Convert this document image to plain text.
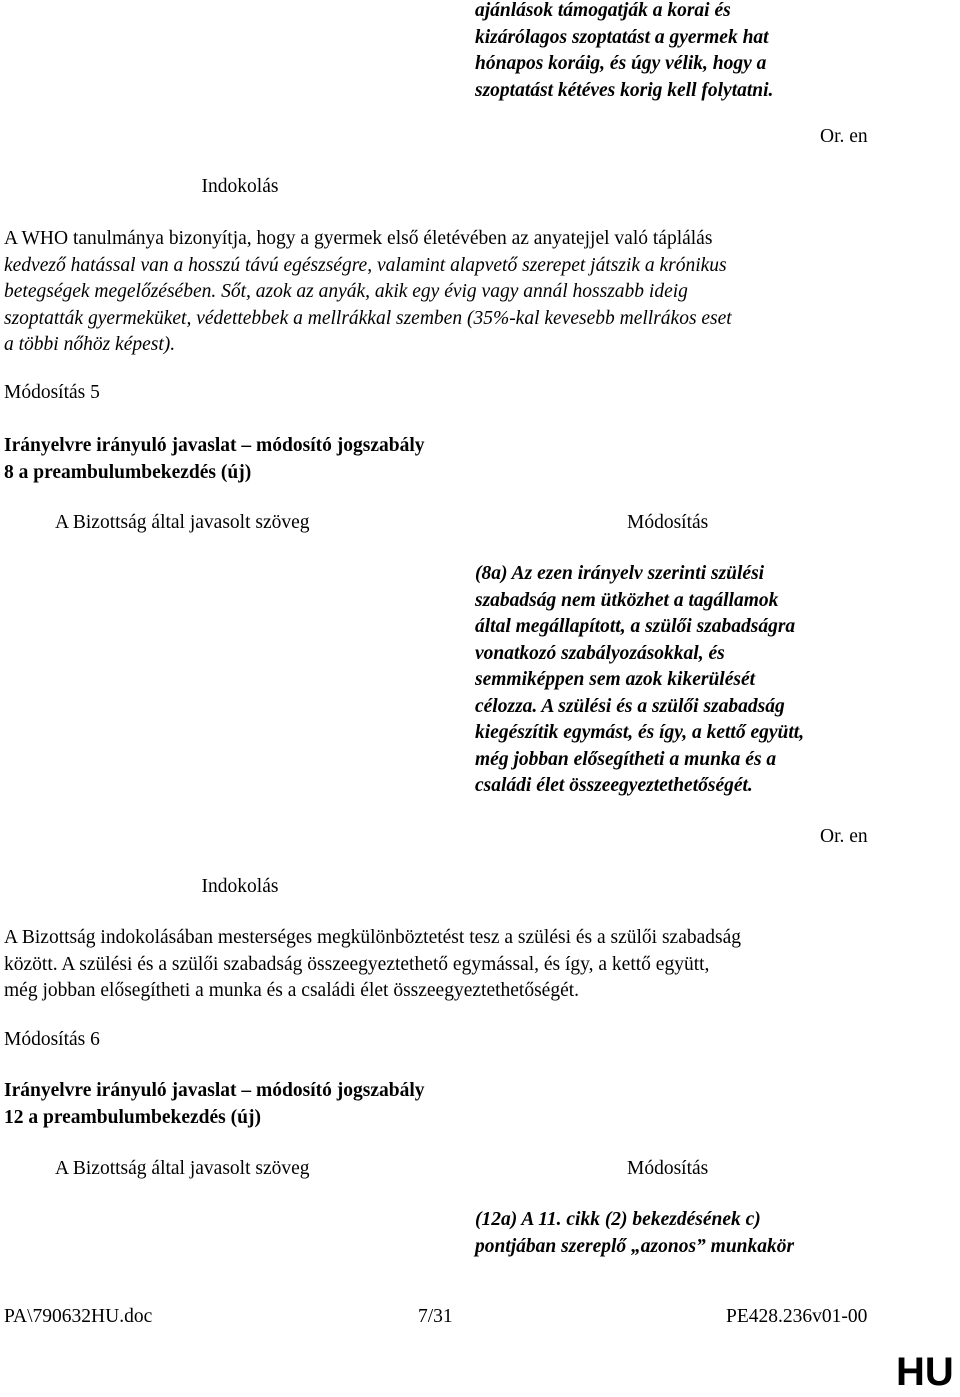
ajánlások támogatják a korai és
kizárólagos szoptatást a gyermek hat
hónapos koráig, és úgy vélik, hogy a
szoptatást kétéves korig kell folytatni.
Or. en
Indokolás
A WHO tanulmánya bizonyítja, hogy a gyermek első életévében az anyatejjel való táplálás
kedvező hatással van a hosszú távú egészségre, valamint alapvető szerepet játszik a krónikus
betegségek megelőzésében. Sőt, azok az anyák, akik egy évig vagy annál hosszabb ideig
szoptatták gyermeküket, védettebbek a mellrákkal szemben (35%-kal kevesebb mellrákos eset
a többi nőhöz képest).
Módosítás 5
Irányelvre irányuló javaslat – módosító jogszabály
8 a preambulumbekezdés (új)
A Bizottság által javasolt szöveg	Módosítás
(8a) Az ezen irányelv szerinti szülési
szabadság nem ütközhet a tagállamok
által megállapított, a szülői szabadságra
vonatkozó szabályozásokkal, és
semmiképpen sem azok kikerülését
célozza. A szülési és a szülői szabadság
kiegészítik egymást, és így, a kettő együtt,
még jobban elősegítheti a munka és a
családi élet összeegyeztethetőségét.
Or. en
Indokolás
A Bizottság indokolásában mesterséges megkülönböztetést tesz a szülési és a szülői szabadság
között. A szülési és a szülői szabadság összeegyeztethető egymással, és így, a kettő együtt,
még jobban elősegítheti a munka és a családi élet összeegyeztethetőségét.
Módosítás 6
Irányelvre irányuló javaslat – módosító jogszabály
12 a preambulumbekezdés (új)
A Bizottság által javasolt szöveg	Módosítás
(12a) A 11. cikk (2) bekezdésének c)
pontjában szereplő „azonos” munkakör
PA\790632HU.doc	7/31	PE428.236v01-00
HU
